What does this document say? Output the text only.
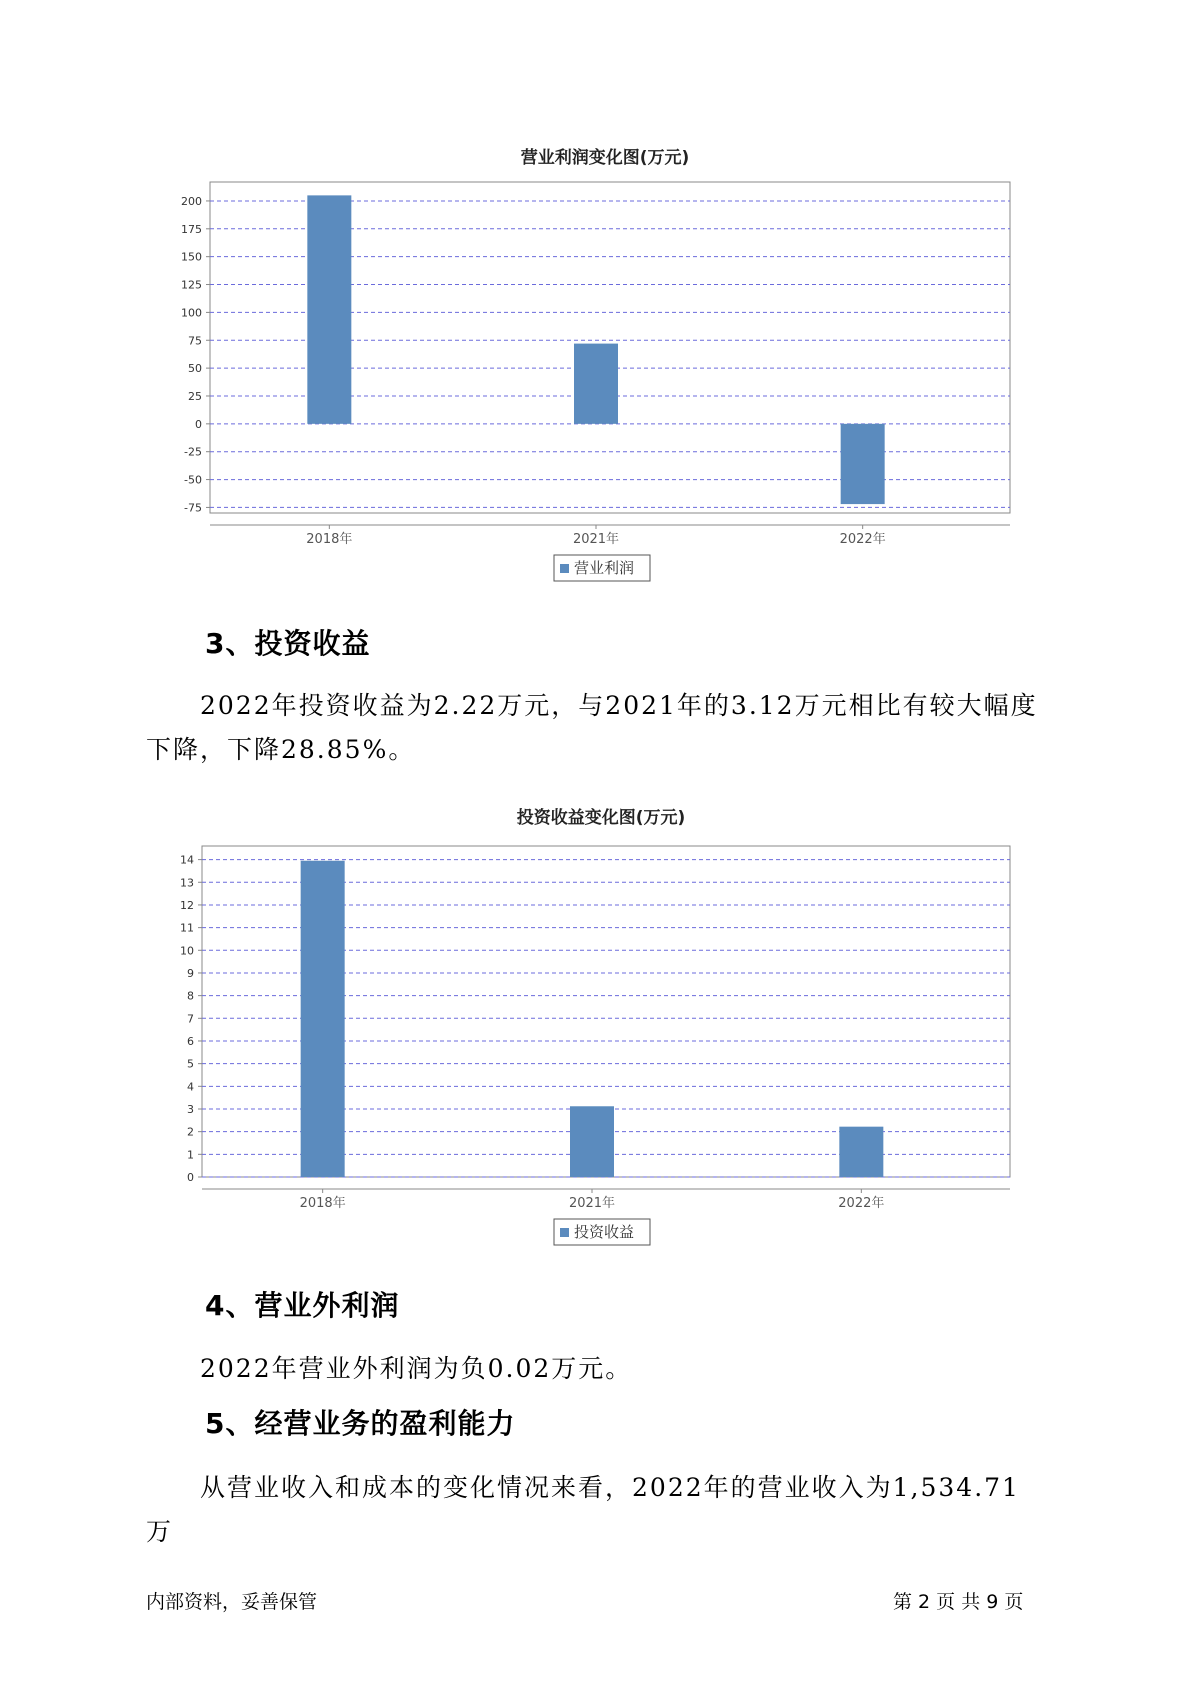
营业利润变化图(万元)
200
175
150
125
100
75
50
25
0
-25
-50
-75
2018年	2021年	2022年
营业利润
3、投资收益
2022年投资收益为2.22万元，与2021年的3.12万元相比有较大幅度下降，下降28.85%。
投资收益变化图(万元)
14
13
12
11
10
9
8
7
6
5
4
3
2
1
0
2018年	2021年	2022年
投资收益
4、营业外利润
2022年营业外利润为负0.02万元。
5、经营业务的盈利能力
从营业收入和成本的变化情况来看，2022年的营业收入为1,534.71万
内部资料，妥善保管	第 2 页 共 9 页
